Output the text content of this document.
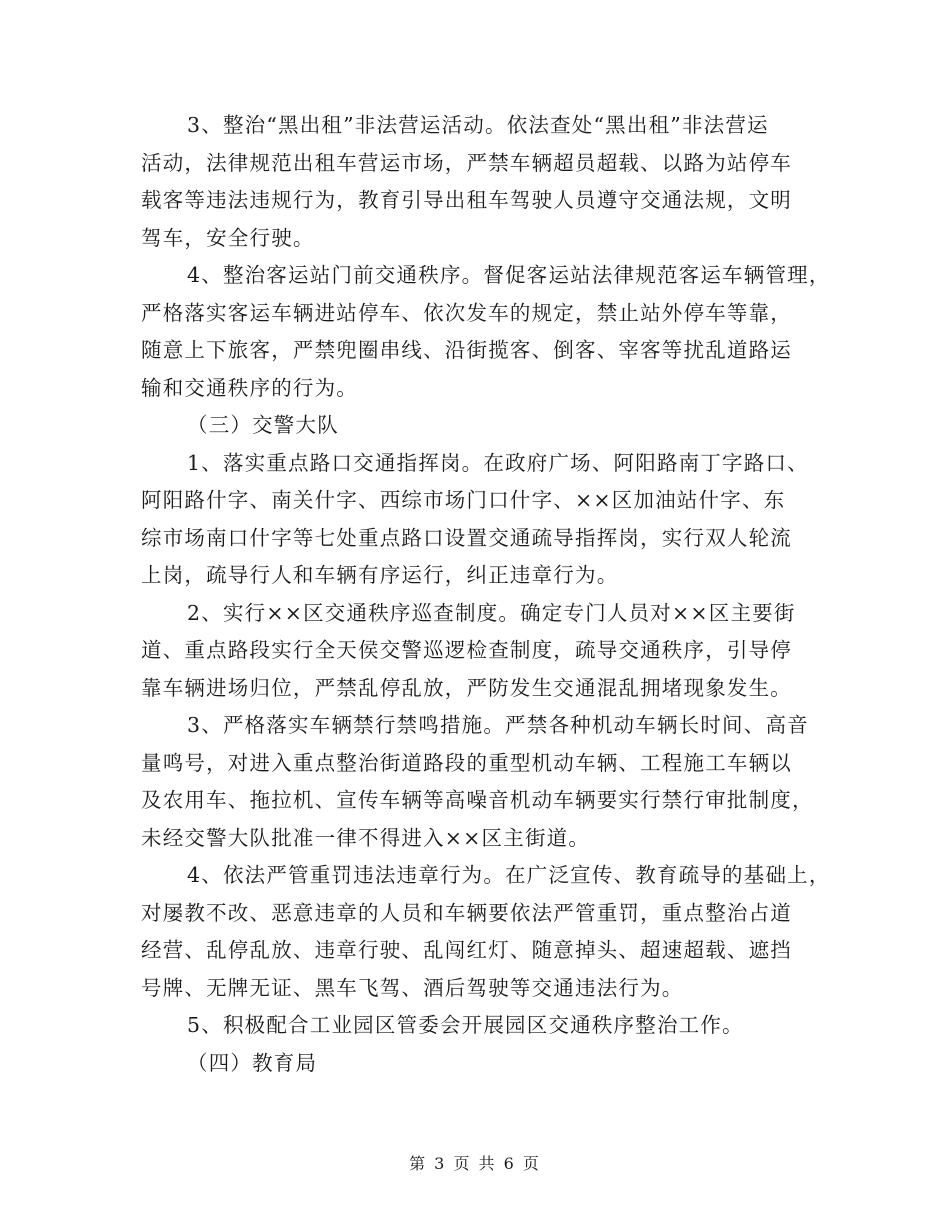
3、整治“黑出租”非法营运活动。依法查处“黑出租”非法营运
活动，法律规范出租车营运市场，严禁车辆超员超载、以路为站停车
载客等违法违规行为，教育引导出租车驾驶人员遵守交通法规，文明
驾车，安全行驶。
4、整治客运站门前交通秩序。督促客运站法律规范客运车辆管理，
严格落实客运车辆进站停车、依次发车的规定，禁止站外停车等靠，
随意上下旅客，严禁兜圈串线、沿街揽客、倒客、宰客等扰乱道路运
输和交通秩序的行为。
（三）交警大队
1、落实重点路口交通指挥岗。在政府广场、阿阳路南丁字路口、
阿阳路什字、南关什字、西综市场门口什字、××区加油站什字、东
综市场南口什字等七处重点路口设置交通疏导指挥岗，实行双人轮流
上岗，疏导行人和车辆有序运行，纠正违章行为。
2、实行××区交通秩序巡查制度。确定专门人员对××区主要街
道、重点路段实行全天侯交警巡逻检查制度，疏导交通秩序，引导停
靠车辆进场归位，严禁乱停乱放，严防发生交通混乱拥堵现象发生。
3、严格落实车辆禁行禁鸣措施。严禁各种机动车辆长时间、高音
量鸣号，对进入重点整治街道路段的重型机动车辆、工程施工车辆以
及农用车、拖拉机、宣传车辆等高噪音机动车辆要实行禁行审批制度，
未经交警大队批准一律不得进入××区主街道。
4、依法严管重罚违法违章行为。在广泛宣传、教育疏导的基础上，
对屡教不改、恶意违章的人员和车辆要依法严管重罚，重点整治占道
经营、乱停乱放、违章行驶、乱闯红灯、随意掉头、超速超载、遮挡
号牌、无牌无证、黑车飞驾、酒后驾驶等交通违法行为。
5、积极配合工业园区管委会开展园区交通秩序整治工作。
（四）教育局
第 3 页 共 6 页
